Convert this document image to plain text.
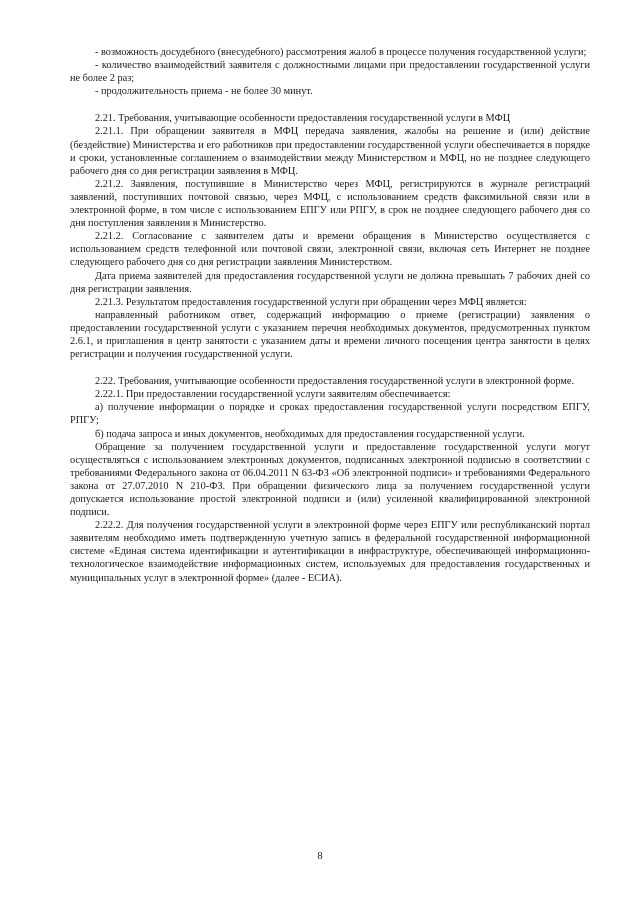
- возможность досудебного (внесудебного) рассмотрения жалоб в процессе получения государственной услуги;

- количество взаимодействий заявителя с должностными лицами при предоставлении государственной услуги не более 2 раз;

- продолжительность приема - не более 30 минут.

2.21. Требования, учитывающие особенности предоставления государственной услуги в МФЦ

2.21.1. При обращении заявителя в МФЦ передача заявления, жалобы на решение и (или) действие (бездействие) Министерства и его работников при предоставлении государственной услуги обеспечивается в порядке и сроки, установленные соглашением о взаимодействии между Министерством и МФЦ, но не позднее следующего рабочего дня со дня регистрации заявления в МФЦ.

2.21.2. Заявления, поступившие в Министерство через МФЦ, регистрируются в журнале регистраций заявлений, поступивших почтовой связью, через МФЦ, с использованием средств факсимильной связи или в электронной форме, в том числе с использованием ЕПГУ или РПГУ, в срок не позднее следующего рабочего дня со дня поступления заявления в Министерство.

2.21.2. Согласование с заявителем даты и времени обращения в Министерство осуществляется с использованием средств телефонной или почтовой связи, электронной связи, включая сеть Интернет не позднее следующего рабочего дня со дня регистрации заявления Министерством.

Дата приема заявителей для предоставления государственной услуги не должна превышать 7 рабочих дней со дня регистрации заявления.

2.21.3. Результатом предоставления государственной услуги при обращении через МФЦ является:

направленный работником ответ, содержащий информацию о приеме (регистрации) заявления о предоставлении государственной услуги с указанием перечня необходимых документов, предусмотренных пунктом 2.6.1, и приглашения в центр занятости с указанием даты и времени личного посещения центра занятости в целях регистрации и получения государственной услуги.

2.22. Требования, учитывающие особенности предоставления государственной услуги в электронной форме.

2.22.1. При предоставлении государственной услуги заявителям обеспечивается:

а) получение информации о порядке и сроках предоставления государственной услуги посредством ЕПГУ, РПГУ;

б) подача запроса и иных документов, необходимых для предоставления государственной услуги.

Обращение за получением государственной услуги и предоставление государственной услуги могут осуществляться с использованием электронных документов, подписанных электронной подписью в соответствии с требованиями Федерального закона от 06.04.2011 N 63-ФЗ «Об электронной подписи» и требованиями Федерального закона от 27.07.2010 N 210-ФЗ. При обращении физического лица за получением государственной услуги допускается использование простой электронной подписи и (или) усиленной квалифицированной электронной подписи.

2.22.2. Для получения государственной услуги в электронной форме через ЕПГУ или республиканский портал заявителям необходимо иметь подтвержденную учетную запись в федеральной государственной информационной системе «Единая система идентификации и аутентификации в инфраструктуре, обеспечивающей информационно-технологическое взаимодействие информационных систем, используемых для предоставления государственных и муниципальных услуг в электронной форме» (далее - ЕСИА).

8
